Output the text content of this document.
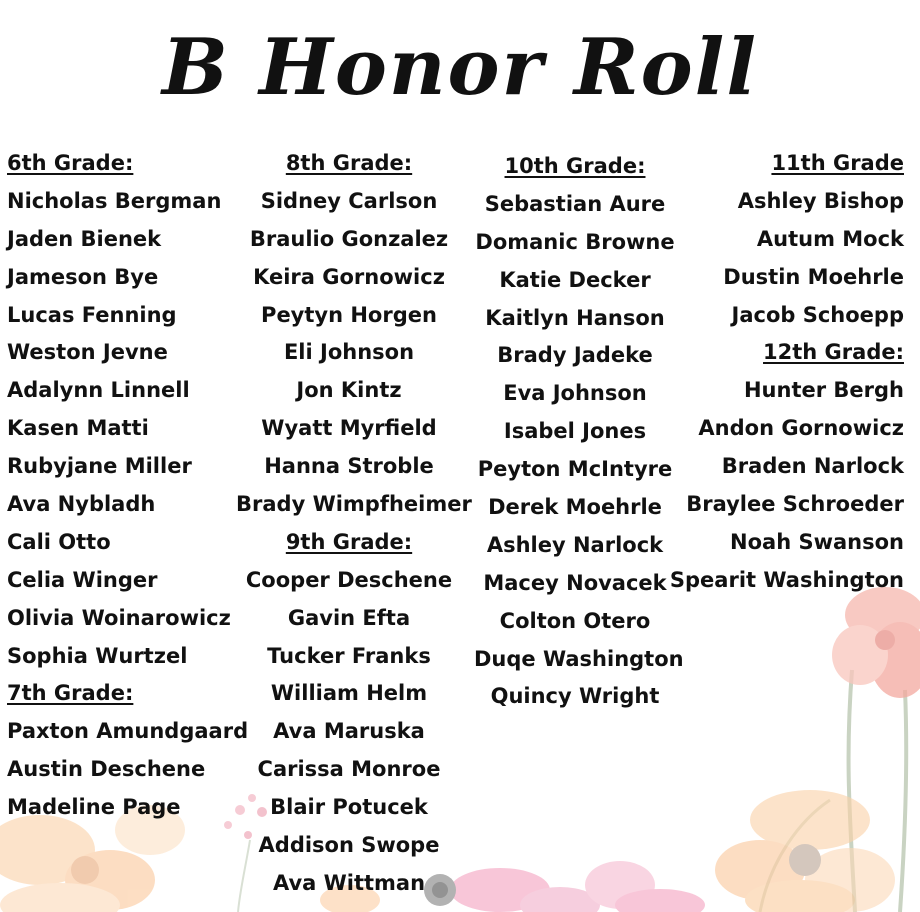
B Honor Roll
6th Grade:
Nicholas Bergman
Jaden Bienek
Jameson Bye
Lucas Fenning
Weston Jevne
Adalynn Linnell
Kasen Matti
Rubyjane Miller
Ava Nybladh
Cali Otto
Celia Winger
Olivia Woinarowicz
Sophia Wurtzel
7th Grade:
Paxton Amundgaard
Austin Deschene
Madeline Page
8th Grade:
Sidney Carlson
Braulio Gonzalez
Keira Gornowicz
Peytyn Horgen
Eli Johnson
Jon Kintz
Wyatt Myrfield
Hanna Stroble
Brady Wimpfheimer
9th Grade:
Cooper Deschene
Gavin Efta
Tucker Franks
William Helm
Ava Maruska
Carissa Monroe
Blair Potucek
Addison Swope
Ava Wittman
10th Grade:
Sebastian Aure
Domanic Browne
Katie Decker
Kaitlyn Hanson
Brady Jadeke
Eva Johnson
Isabel Jones
Peyton McIntyre
Derek Moehrle
Ashley Narlock
Macey Novacek
Colton Otero
Duqe Washington
Quincy Wright
11th Grade
Ashley Bishop
Autum Mock
Dustin Moehrle
Jacob Schoepp
12th Grade:
Hunter Bergh
Andon Gornowicz
Braden Narlock
Braylee Schroeder
Noah Swanson
Spearit Washington
